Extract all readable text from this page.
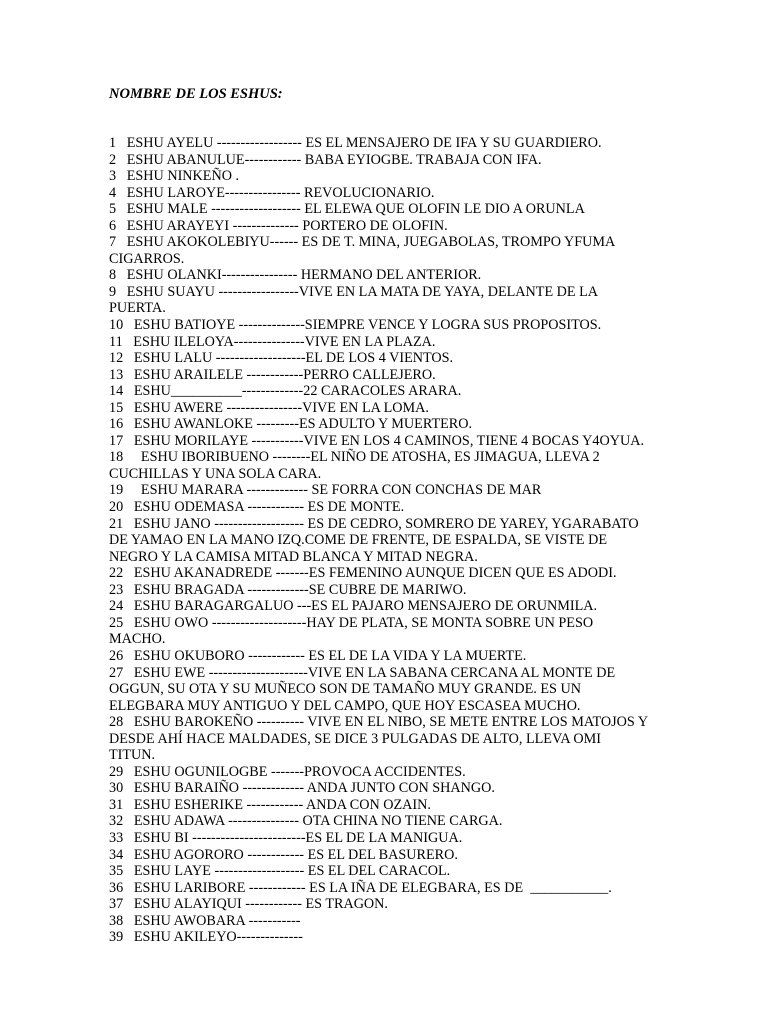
NOMBRE DE LOS ESHUS:

1   ESHU AYELU ------------------ ES EL MENSAJERO DE IFA Y SU GUARDIERO.

2   ESHU ABANULUE------------ BABA EYIOGBE. TRABAJA CON IFA.

3   ESHU NINKEÑO .

4   ESHU LAROYE---------------- REVOLUCIONARIO.

5   ESHU MALE ------------------- EL ELEWA QUE OLOFIN LE DIO A ORUNLA

6   ESHU ARAYEYI -------------- PORTERO DE OLOFIN.

7   ESHU AKOKOLEBIYU------ ES DE T. MINA, JUEGABOLAS, TROMPO YFUMA CIGARROS.

8   ESHU OLANKI---------------- HERMANO DEL ANTERIOR.

9   ESHU SUAYU -----------------VIVE EN LA MATA DE YAYA, DELANTE DE LA PUERTA.

10   ESHU BATIOYE --------------SIEMPRE VENCE Y LOGRA SUS PROPOSITOS.

11   ESHU ILELOYA---------------VIVE EN LA PLAZA.

12   ESHU LALU -------------------EL DE LOS 4 VIENTOS.

13   ESHU ARAILELE ------------PERRO CALLEJERO.

14   ESHU__________-------------22 CARACOLES ARARA.

15   ESHU AWERE ----------------VIVE EN LA LOMA.

16   ESHU AWANLOKE ---------ES ADULTO Y MUERTERO.

17   ESHU MORILAYE -----------VIVE EN LOS 4 CAMINOS, TIENE 4 BOCAS Y4OYUA.

18     ESHU IBORIBUENO --------EL NIÑO DE ATOSHA, ES JIMAGUA, LLEVA 2 CUCHILLAS Y UNA SOLA CARA.

19     ESHU MARARA ------------- SE FORRA CON CONCHAS DE MAR

20   ESHU ODEMASA ------------ ES DE MONTE.

21   ESHU JANO ------------------- ES DE CEDRO, SOMRERO DE YAREY, YGARABATO DE YAMAO EN LA MANO IZQ.COME DE FRENTE, DE ESPALDA, SE VISTE DE NEGRO Y LA CAMISA MITAD BLANCA Y MITAD NEGRA.

22   ESHU AKANADREDE -------ES FEMENINO AUNQUE DICEN QUE ES ADODI.

23   ESHU BRAGADA -------------SE CUBRE DE MARIWO.

24   ESHU BARAGARGALUO ---ES EL PAJARO MENSAJERO DE ORUNMILA.

25   ESHU OWO --------------------HAY DE PLATA, SE MONTA SOBRE UN PESO MACHO.

26   ESHU OKUBORO ------------ ES EL DE LA VIDA Y LA MUERTE.

27   ESHU EWE ---------------------VIVE EN LA SABANA CERCANA AL MONTE DE OGGUN, SU OTA Y SU MUÑECO SON DE TAMAÑO MUY GRANDE. ES UN ELEGBARA MUY ANTIGUO Y DEL CAMPO, QUE HOY ESCASEA MUCHO.

28   ESHU BAROKEÑO ---------- VIVE EN EL NIBO, SE METE ENTRE LOS MATOJOS Y DESDE AHÍ HACE MALDADES, SE DICE 3 PULGADAS DE ALTO, LLEVA OMI TITUN.

29   ESHU OGUNILOGBE -------PROVOCA ACCIDENTES.

30   ESHU BARAIÑO ------------- ANDA JUNTO CON SHANGO.

31   ESHU ESHERIKE ------------ ANDA CON OZAIN.

32   ESHU ADAWA --------------- OTA CHINA NO TIENE CARGA.

33   ESHU BI ------------------------ES EL DE LA MANIGUA.

34   ESHU AGORORO ------------ ES EL DEL BASURERO.

35   ESHU LAYE ------------------- ES EL DEL CARACOL.

36   ESHU LARIBORE ------------ ES LA IÑA DE ELEGBARA, ES DE  ___________.

37   ESHU ALAYIQUI ------------ ES TRAGON.

38   ESHU AWOBARA -----------

39   ESHU AKILEYO--------------
